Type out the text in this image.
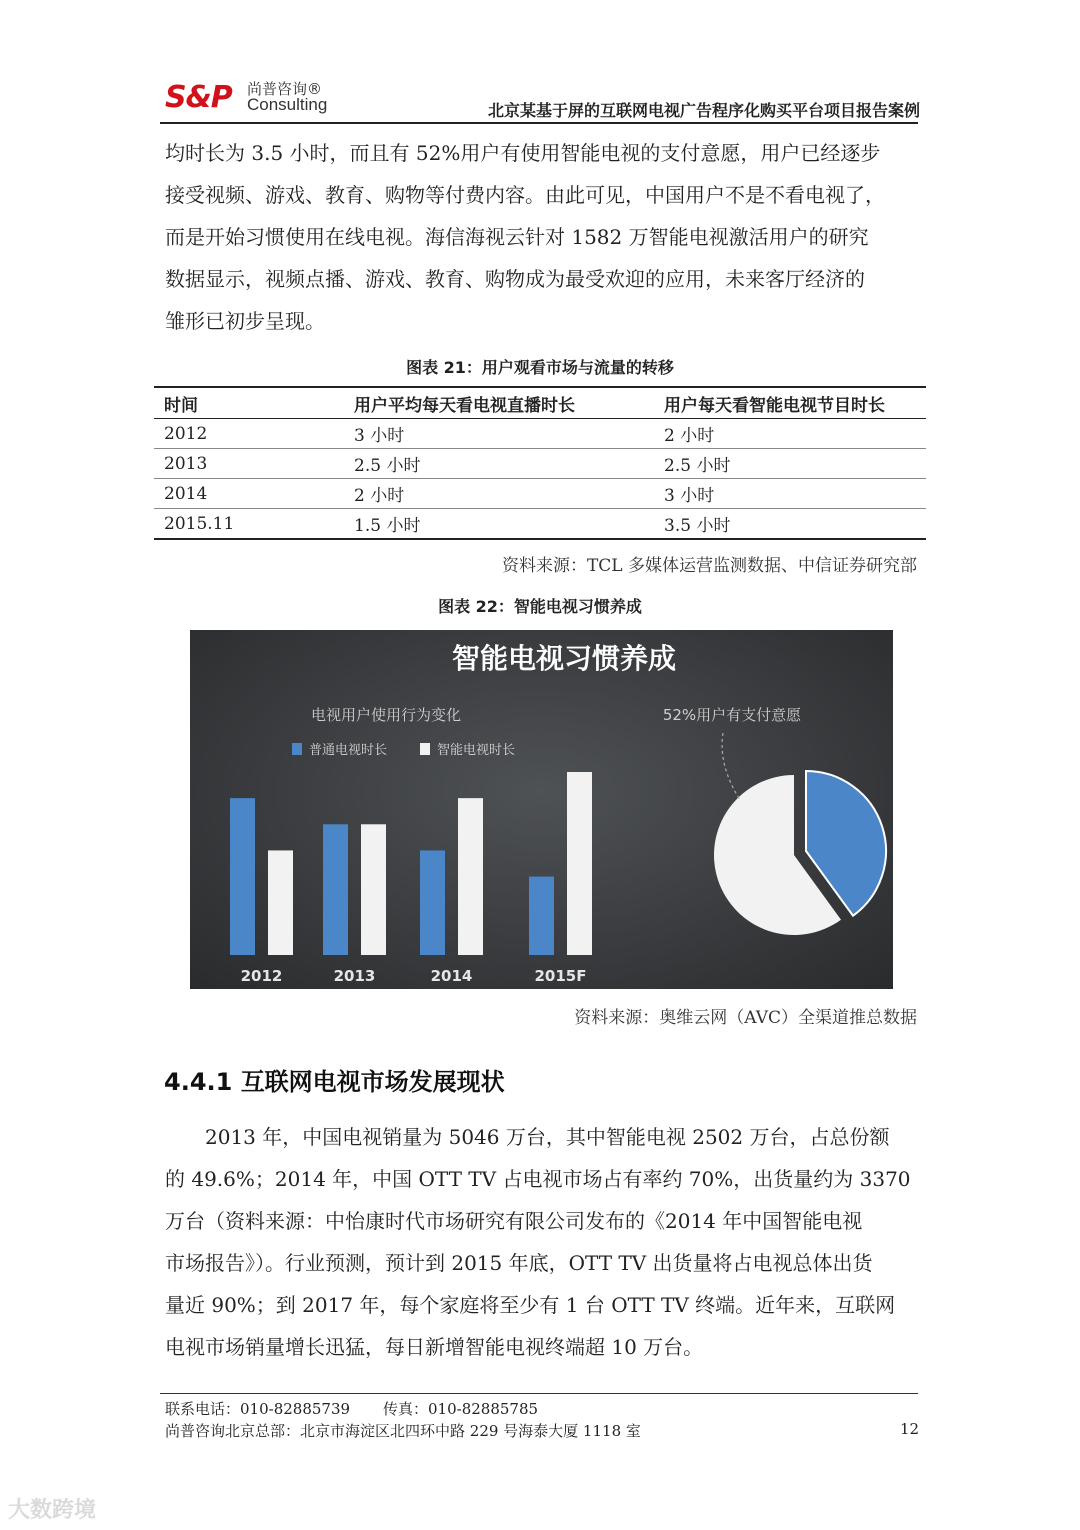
S&P 尚普咨询®
Consulting	北京某基于屏的互联网电视广告程序化购买平台项目报告案例
均时长为 3.5 小时，而且有 52%用户有使用智能电视的支付意愿，用户已经逐步
接受视频、游戏、教育、购物等付费内容。由此可见，中国用户不是不看电视了，
而是开始习惯使用在线电视。海信海视云针对 1582 万智能电视激活用户的研究
数据显示，视频点播、游戏、教育、购物成为最受欢迎的应用，未来客厅经济的
雏形已初步呈现。
图表 21：用户观看市场与流量的转移
时间	用户平均每天看电视直播时长	用户每天看智能电视节目时长
2012	3 小时	2 小时
2013	2.5 小时	2.5 小时
2014	2 小时	3 小时
2015.11	1.5 小时	3.5 小时
资料来源：TCL 多媒体运营监测数据、中信证券研究部
图表 22：智能电视习惯养成
智能电视习惯养成
电视用户使用行为变化	52%用户有支付意愿
普通电视时长	智能电视时长
2012	2013	2014	2015F
资料来源：奥维云网（AVC）全渠道推总数据
4.4.1 互联网电视市场发展现状
2013 年，中国电视销量为 5046 万台，其中智能电视 2502 万台，占总份额
的 49.6%；2014 年，中国 OTT TV 占电视市场占有率约 70%，出货量约为 3370
万台（资料来源：中怡康时代市场研究有限公司发布的《2014 年中国智能电视
市场报告》）。行业预测，预计到 2015 年底，OTT TV 出货量将占电视总体出货
量近 90%；到 2017 年，每个家庭将至少有 1 台 OTT TV 终端。近年来，互联网
电视市场销量增长迅猛，每日新增智能电视终端超 10 万台。
联系电话：010-82885739 传真：010-82885785
尚普咨询北京总部：北京市海淀区北四环中路 229 号海泰大厦 1118 室	12
大数跨境
